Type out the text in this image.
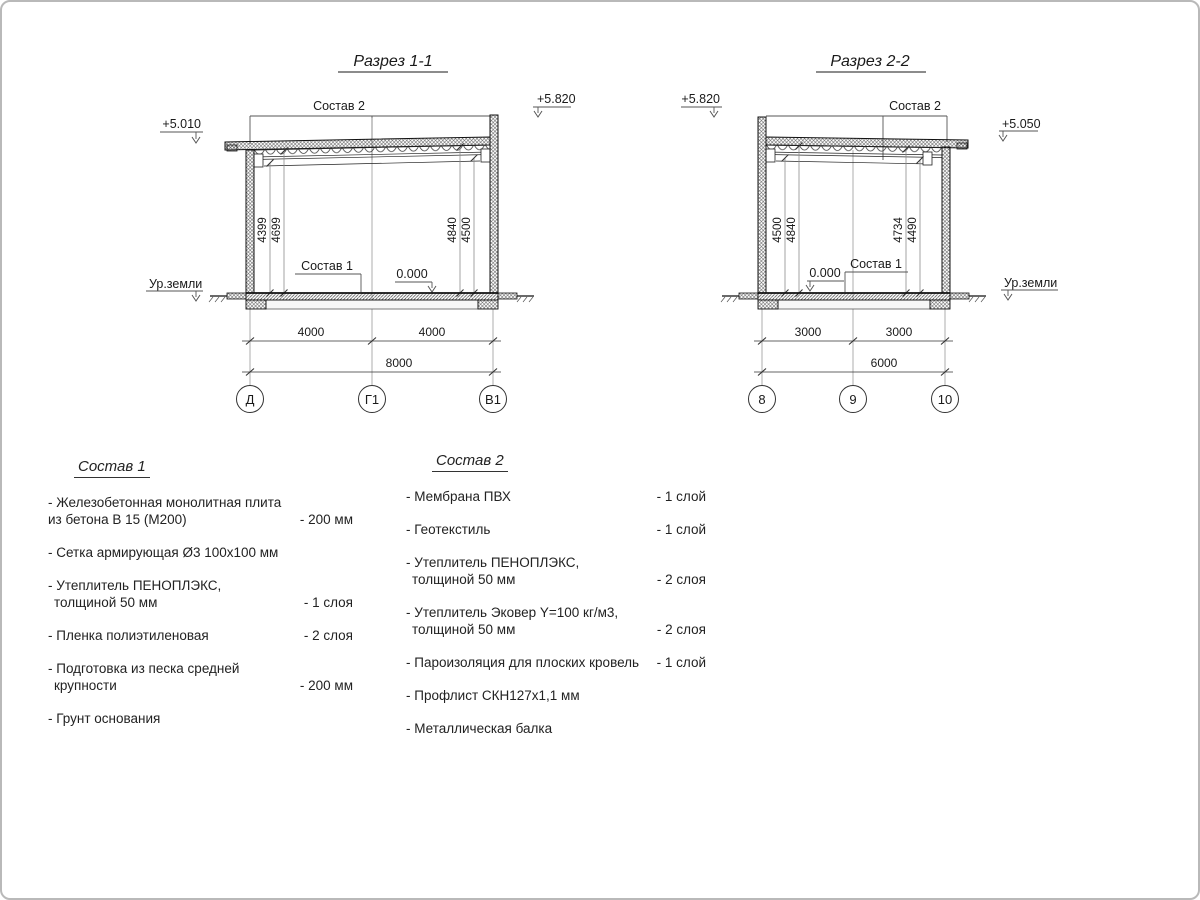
Разрез 1-1
Состав 2
4399 4699	4840 4500
Состав 1
0.000
+5.010
+5.820
Ур.земли
4000	4000
8000
Д	Г1	В1
Разрез 2-2
Состав 2
4500 4840	4734 4490
Состав 1
0.000
+5.820
+5.050
Ур.земли
3000	3000
6000
8	9	10
Состав 1
- Железобетонная монолитная плита
из бетона В 15 (М200)	- 200 мм
- Сетка армирующая Ø3 100х100 мм
- Утеплитель ПЕНОПЛЭКС,
толщиной 50 мм	- 1 слоя
- Пленка полиэтиленовая	- 2 слоя
- Подготовка из песка средней
крупности	- 200 мм
- Грунт основания
Состав 2
- Мембрана ПВХ	- 1 слой
- Геотекстиль	- 1 слой
- Утеплитель ПЕНОПЛЭКС,
толщиной 50 мм	- 2 слоя
- Утеплитель Эковер Y=100 кг/м3,
толщиной 50 мм	- 2 слоя
- Пароизоляция для плоских кровель	- 1 слой
- Профлист СКН127х1,1 мм
- Металлическая балка
